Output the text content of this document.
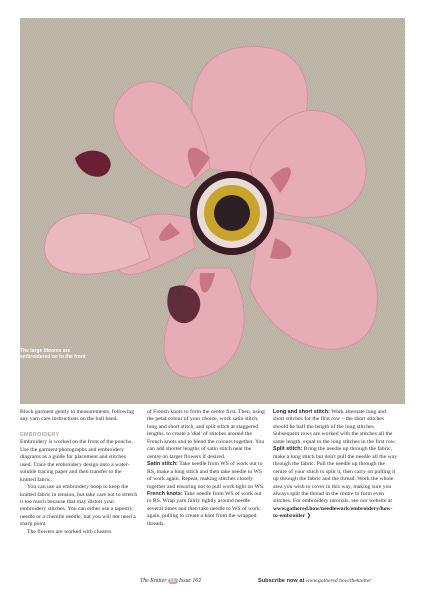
The large blooms are embroidered on to the front

Block garment gently to measurements, following any yarn care instructions on the ball band.

EMBROIDERY

Embroidery is worked on the front of the poncho. Use the garment photographs and embroidery diagrams as a guide for placement and stitches used. Trace the embroidery design onto a water-soluble tracing paper and then transfer to the knitted fabric.

You can use an embroidery hoop to keep the knitted fabric in tension, but take care not to stretch it too much because that may distort your embroidery stitches. You can either use a tapestry needle or a chenille needle, but you will not need a sharp point.

The flowers are worked with clusters

of French knots to form the centre first. Then, using the petal colour of your choice, work satin stitch, long and short stitch, and split stitch at staggered lengths, to create a 'dial' of stitches around the French knots and to blend the colours together. You can add shorter lengths of satin stitch near the centre on larger flowers if desired.

Satin stitch: Take needle from WS of work out to RS, make a long stitch and then take needle to WS of work again. Repeat, making stitches closely together and ensuring not to pull work tight on WS.

French knots: Take needle from WS of work out to RS. Wrap yarn fairly tightly around needle several times and then take needle to WS of work again, pulling to create a knot from the wrapped threads.

Long and short stitch: Work alternate long and short stitches for the first row – the short stitches should be half the length of the long stitches. Subsequent rows are worked with the stitches all the same length, equal to the long stitches in the first row.

Split stitch: Bring the needle up through the fabric, make a long stitch but don't pull the needle all the way through the fabric. Pull the needle up through the centre of your stitch to split it, then carry on pulling it up through the fabric and the thread. Work the whole area you wish to cover in this way, making sure you always split the thread in the centre to form even stitches. For embroidery tutorials, see our website at www.gathered.how/needlework/embroidery/how-to-embroider ❯

The Knitter 56 Issue 162	Subscribe now at www.gathered.how/theknitter
